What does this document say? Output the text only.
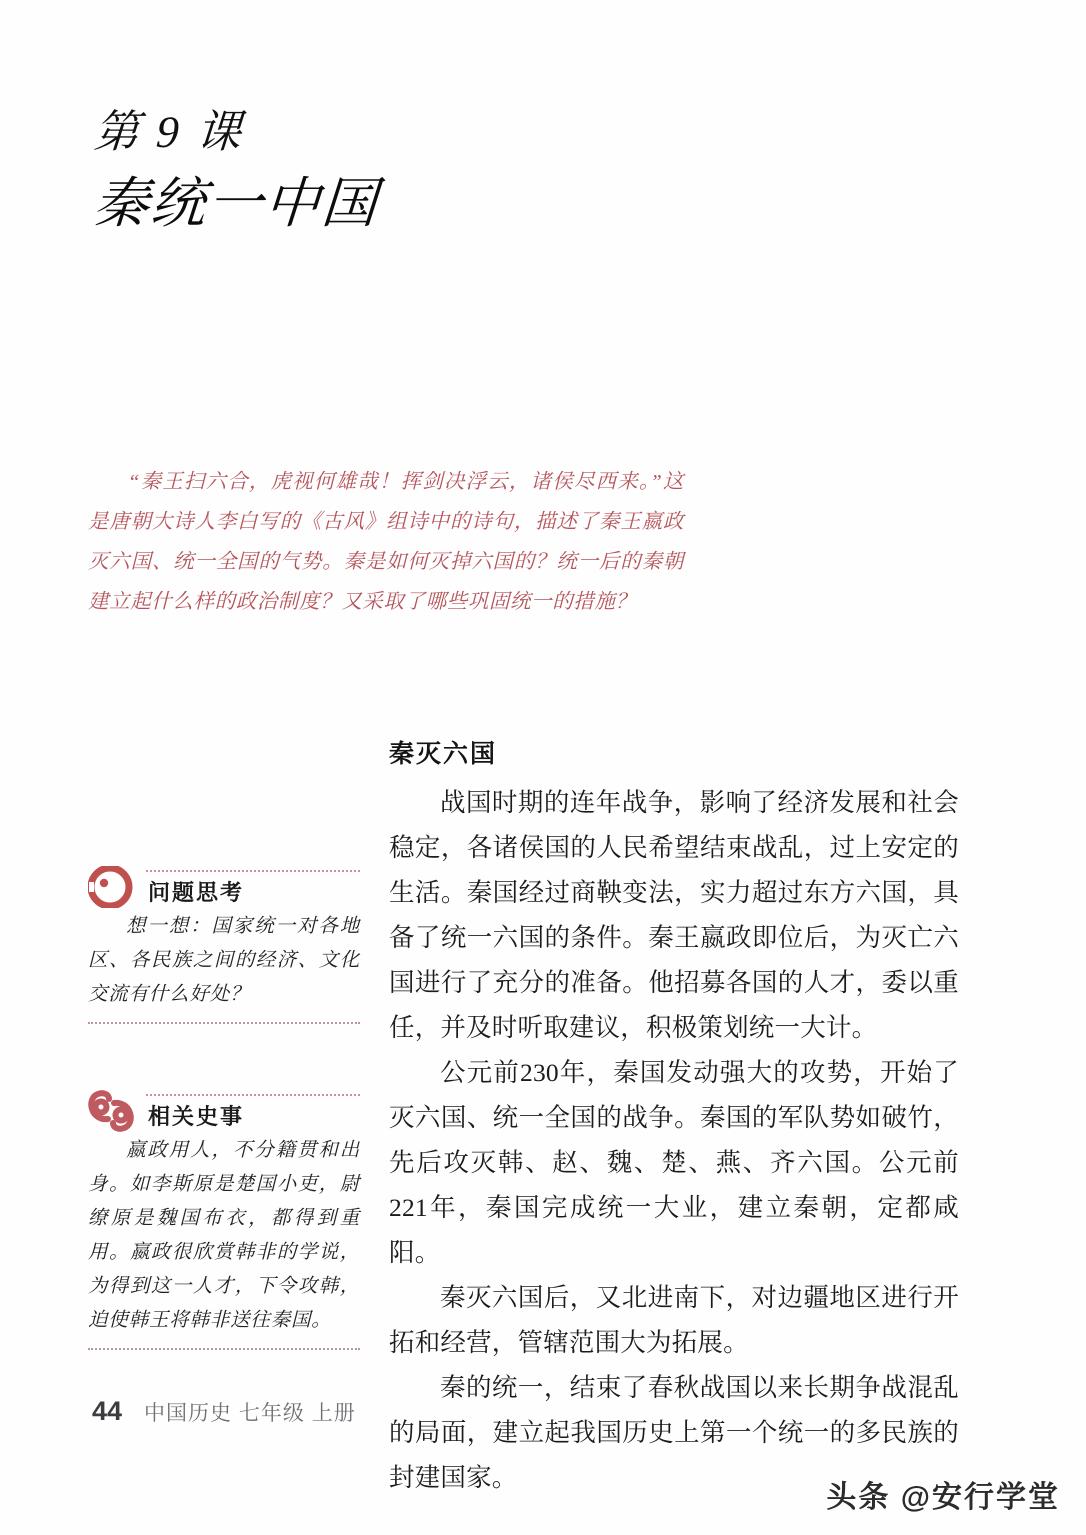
第 9 课
秦统一中国
“秦王扫六合，虎视何雄哉！挥剑决浮云，诸侯尽西来。”这是唐朝大诗人李白写的《古风》组诗中的诗句，描述了秦王嬴政灭六国、统一全国的气势。秦是如何灭掉六国的？统一后的秦朝建立起什么样的政治制度？又采取了哪些巩固统一的措施？
问题思考
想一想：国家统一对各地区、各民族之间的经济、文化交流有什么好处？
相关史事
嬴政用人，不分籍贯和出身。如李斯原是楚国小吏，尉缭原是魏国布衣，都得到重用。嬴政很欣赏韩非的学说，为得到这一人才，下令攻韩，迫使韩王将韩非送往秦国。
秦灭六国

战国时期的连年战争，影响了经济发展和社会稳定，各诸侯国的人民希望结束战乱，过上安定的生活。秦国经过商鞅变法，实力超过东方六国，具备了统一六国的条件。秦王嬴政即位后，为灭亡六国进行了充分的准备。他招募各国的人才，委以重任，并及时听取建议，积极策划统一大计。

公元前230年，秦国发动强大的攻势，开始了灭六国、统一全国的战争。秦国的军队势如破竹，先后攻灭韩、赵、魏、楚、燕、齐六国。公元前221年，秦国完成统一大业，建立秦朝，定都咸阳。

秦灭六国后，又北进南下，对边疆地区进行开拓和经营，管辖范围大为拓展。

秦的统一，结束了春秋战国以来长期争战混乱的局面，建立起我国历史上第一个统一的多民族的封建国家。

44 中国历史 七年级 上册
头条 @安行学堂
